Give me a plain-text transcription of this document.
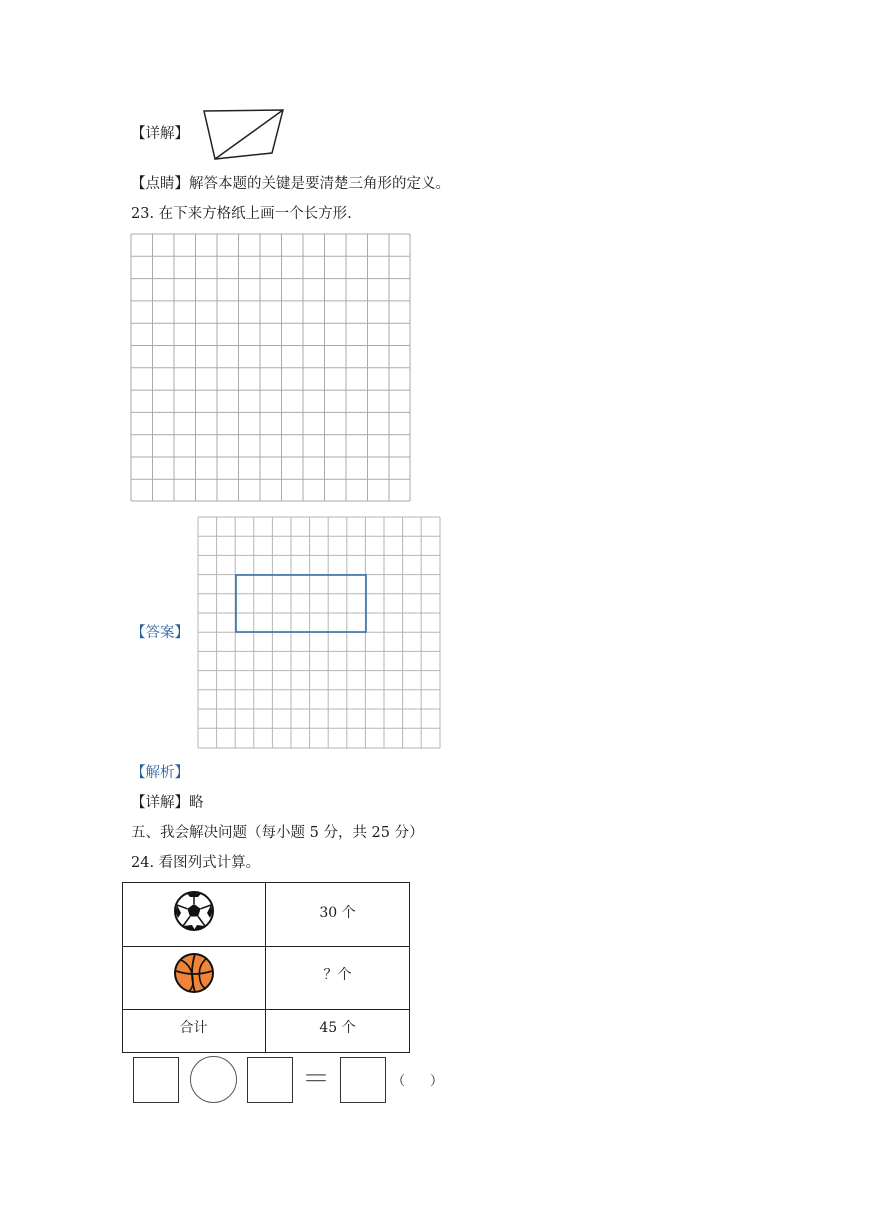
【详解】
【点睛】解答本题的关键是要清楚三角形的定义。
23. 在下来方格纸上画一个长方形.
【答案】
【解析】
【详解】略
五、我会解决问题（每小题 5 分，共 25 分）
24. 看图列式计算。
30 个
？个
合计	45 个
＝	（ ）
